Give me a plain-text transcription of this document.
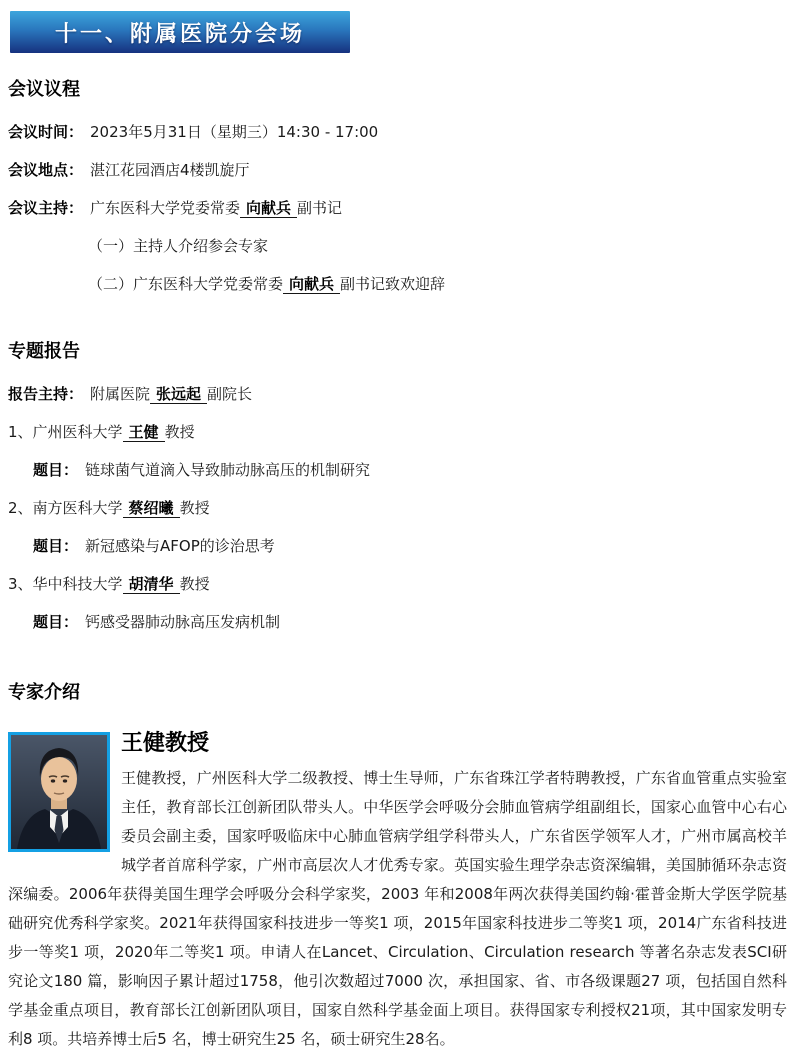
十一、附属医院分会场
会议议程
会议时间： 2023年5月31日（星期三）14:30 - 17:00
会议地点： 湛江花园酒店4楼凯旋厅
会议主持： 广东医科大学党委常委 向献兵 副书记
（一）主持人介绍参会专家
（二）广东医科大学党委常委 向献兵 副书记致欢迎辞
专题报告
报告主持： 附属医院 张远起 副院长
1、广州医科大学 王健 教授
题目： 链球菌气道滴入导致肺动脉高压的机制研究
2、南方医科大学 蔡绍曦 教授
题目： 新冠感染与AFOP的诊治思考
3、华中科技大学 胡清华 教授
题目： 钙感受器肺动脉高压发病机制
专家介绍
王健教授
王健教授，广州医科大学二级教授、博士生导师，广东省珠江学者特聘教授，广东省血管重点实验室主任，教育部长江创新团队带头人。中华医学会呼吸分会肺血管病学组副组长，国家心血管中心右心委员会副主委，国家呼吸临床中心肺血管病学组学科带头人，广东省医学领军人才，广州市属高校羊城学者首席科学家，广州市高层次人才优秀专家。英国实验生理学杂志资深编辑，美国肺循环杂志资深编委。2006年获得美国生理学会呼吸分会科学家奖，2003 年和2008年两次获得美国约翰·霍普金斯大学医学院基础研究优秀科学家奖。2021年获得国家科技进步一等奖1 项，2015年国家科技进步二等奖1 项，2014广东省科技进步一等奖1 项，2020年二等奖1 项。申请人在Lancet、Circulation、Circulation research 等著名杂志发表SCI研究论文180 篇，影响因子累计超过1758，他引次数超过7000 次，承担国家、省、市各级课题27 项，包括国自然科学基金重点项目，教育部长江创新团队项目，国家自然科学基金面上项目。获得国家专利授权21项，其中国家发明专利8 项。共培养博士后5 名，博士研究生25 名，硕士研究生28名。
